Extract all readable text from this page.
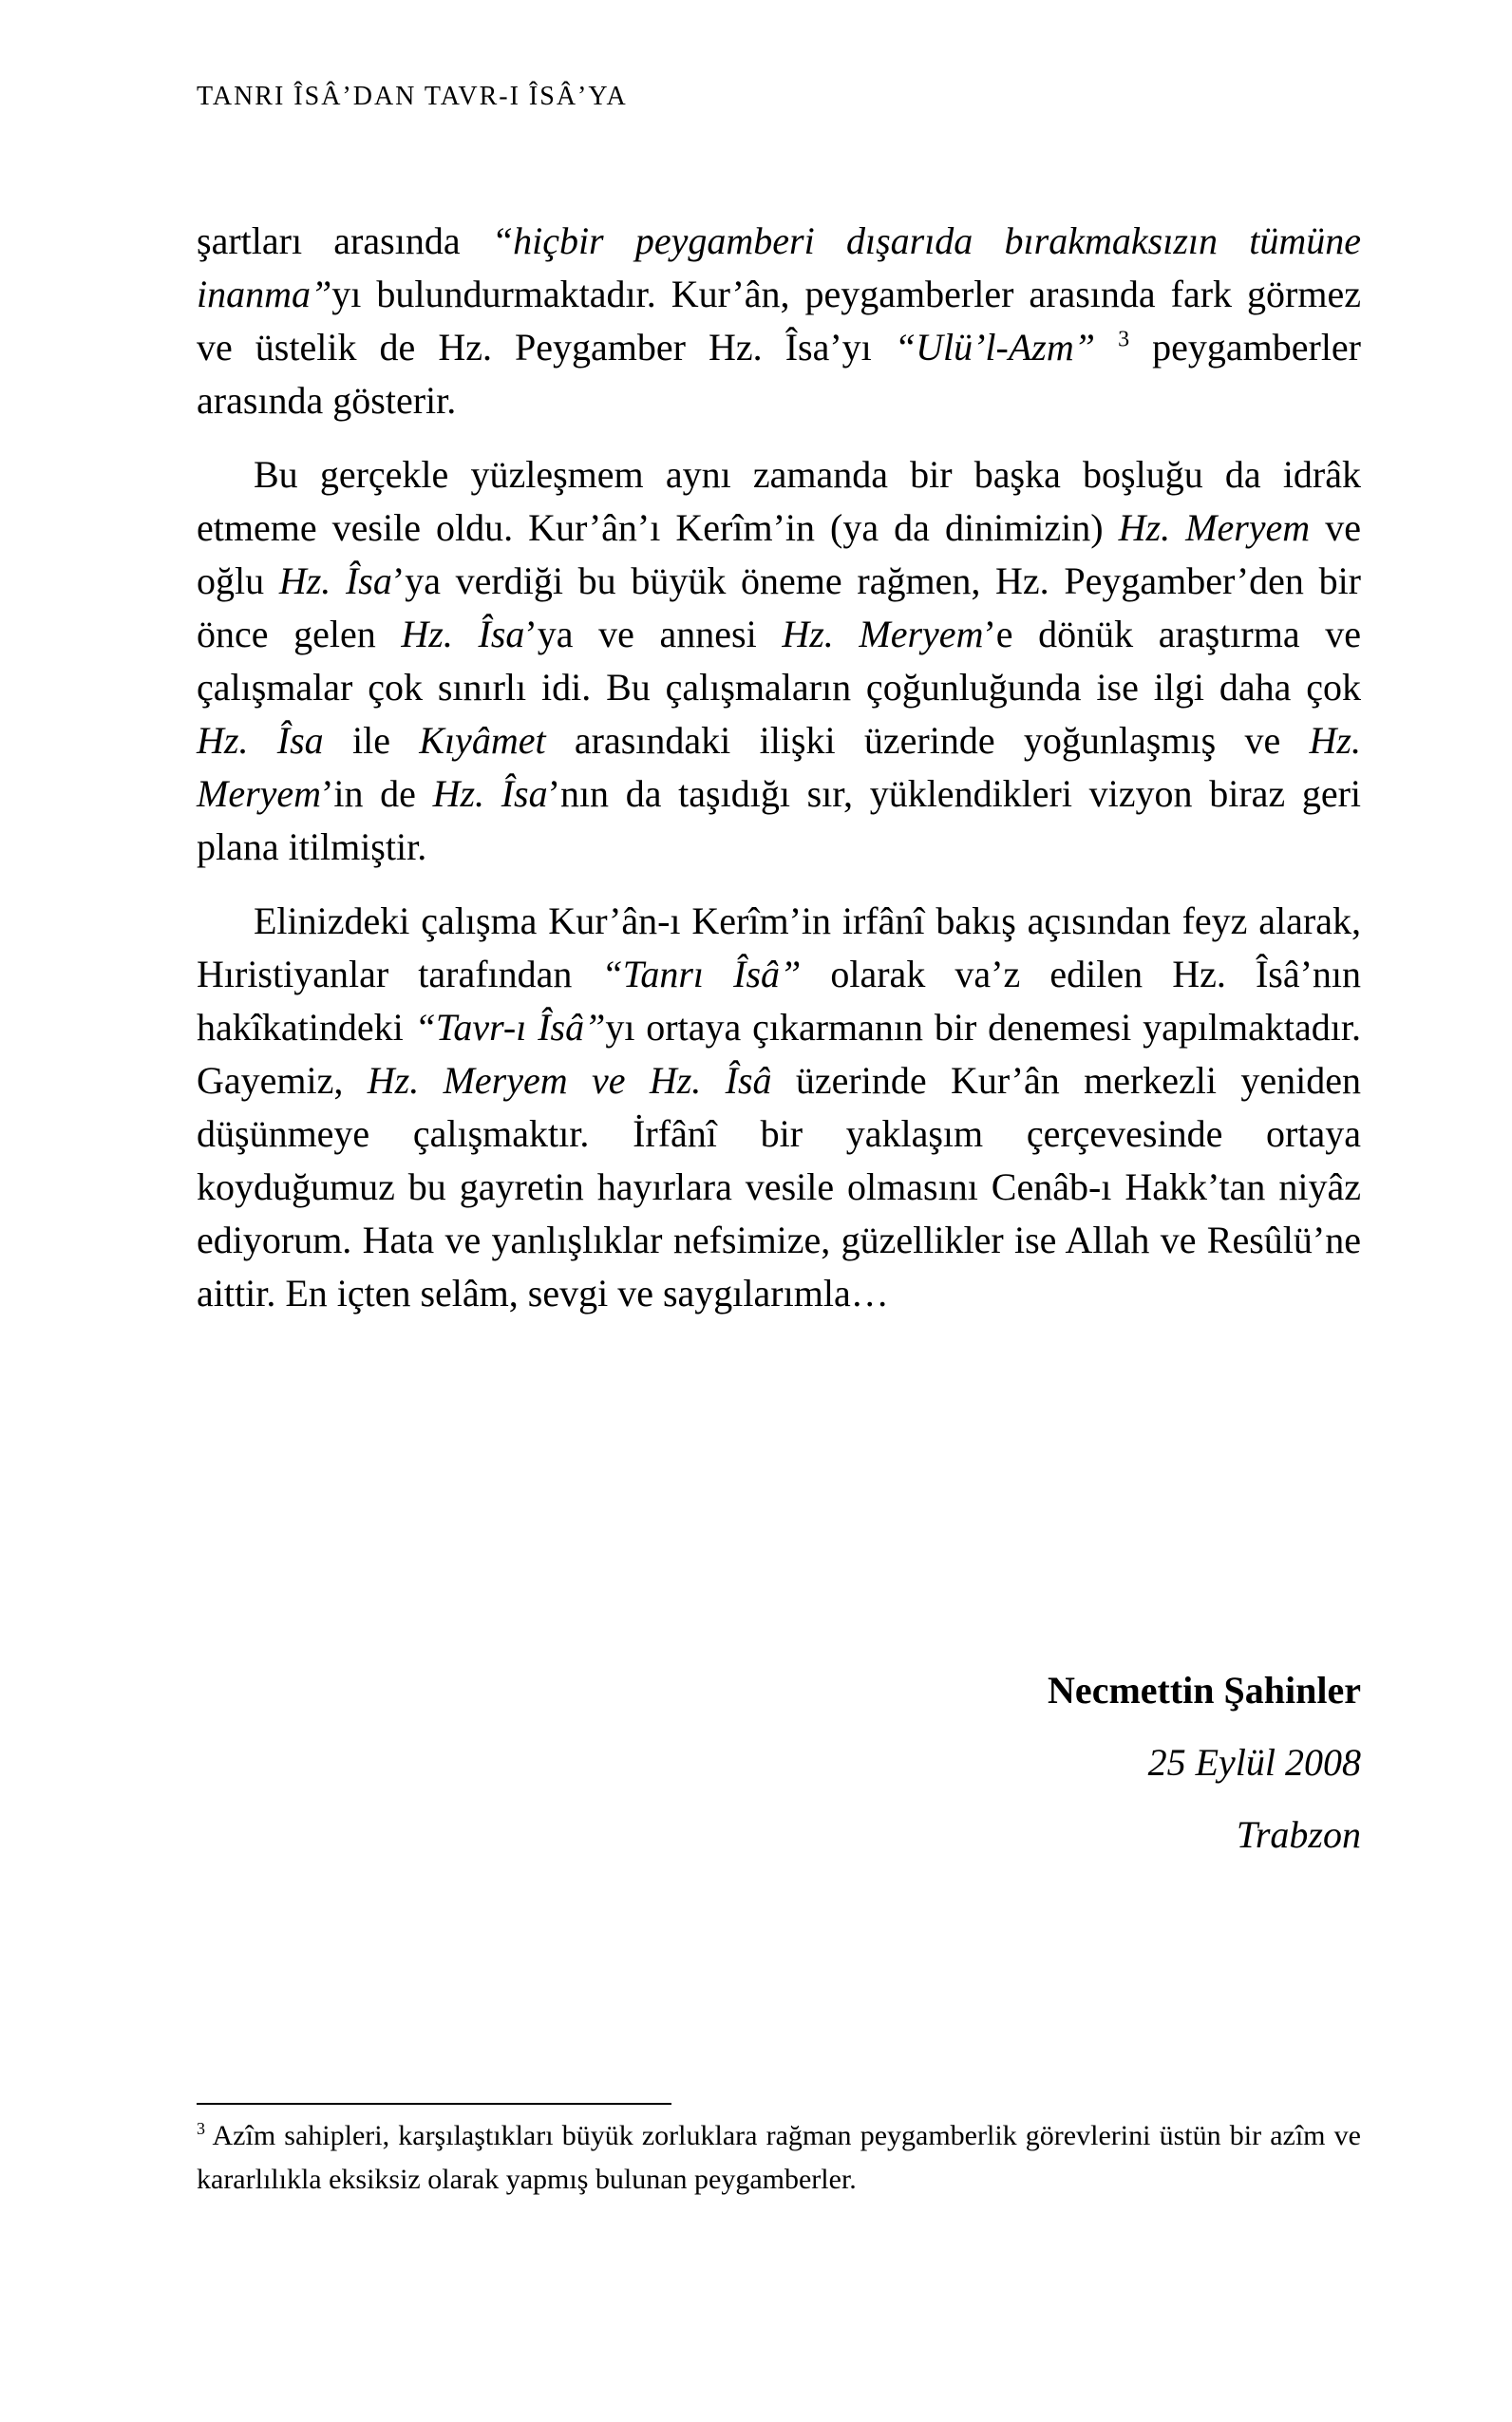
TANRI ÎSÂ’DAN TAVR-I ÎSÂ’YA

şartları arasında “hiçbir peygamberi dışarıda bırakmaksızın tümüne inanma”yı bulundurmaktadır. Kur’ân, peygamberler arasında fark görmez ve üstelik de Hz. Peygamber Hz. Îsa’yı “Ulü’l-Azm” $^3$ peygamberler arasında gösterir.

Bu gerçekle yüzleşmem aynı zamanda bir başka boşluğu da idrâk etmeme vesile oldu. Kur’ân’ı Kerîm’in (ya da dinimizin) Hz. Meryem ve oğlu Hz. Îsa’ya verdiği bu büyük öneme rağmen, Hz. Peygamber’den bir önce gelen Hz. Îsa’ya ve annesi Hz. Meryem’e dönük araştırma ve çalışmalar çok sınırlı idi. Bu çalışmaların çoğunluğunda ise ilgi daha çok Hz. Îsa ile Kıyâmet arasındaki ilişki üzerinde yoğunlaşmış ve Hz. Meryem’in de Hz. Îsa’nın da taşıdığı sır, yüklendikleri vizyon biraz geri plana itilmiştir.

Elinizdeki çalışma Kur’ân-ı Kerîm’in irfânî bakış açısından feyz alarak, Hıristiyanlar tarafından “Tanrı Îsâ” olarak va’z edilen Hz. Îsâ’nın hakîkatindeki “Tavr-ı Îsâ”yı ortaya çıkarmanın bir denemesi yapılmaktadır. Gayemiz, Hz. Meryem ve Hz. Îsâ üzerinde Kur’ân merkezli yeniden düşünmeye çalışmaktır. İrfânî bir yaklaşım çerçevesinde ortaya koyduğumuz bu gayretin hayırlara vesile olmasını Cenâb-ı Hakk’tan niyâz ediyorum. Hata ve yanlışlıklar nefsimize, güzellikler ise Allah ve Resûlü’ne aittir. En içten selâm, sevgi ve saygılarımla…

Necmettin Şahinler
25 Eylül 2008
Trabzon
$^3$ Azîm sahipleri, karşılaştıkları büyük zorluklara rağman peygamberlik görevlerini üstün bir azîm ve kararlılıkla eksiksiz olarak yapmış bulunan peygamberler.
